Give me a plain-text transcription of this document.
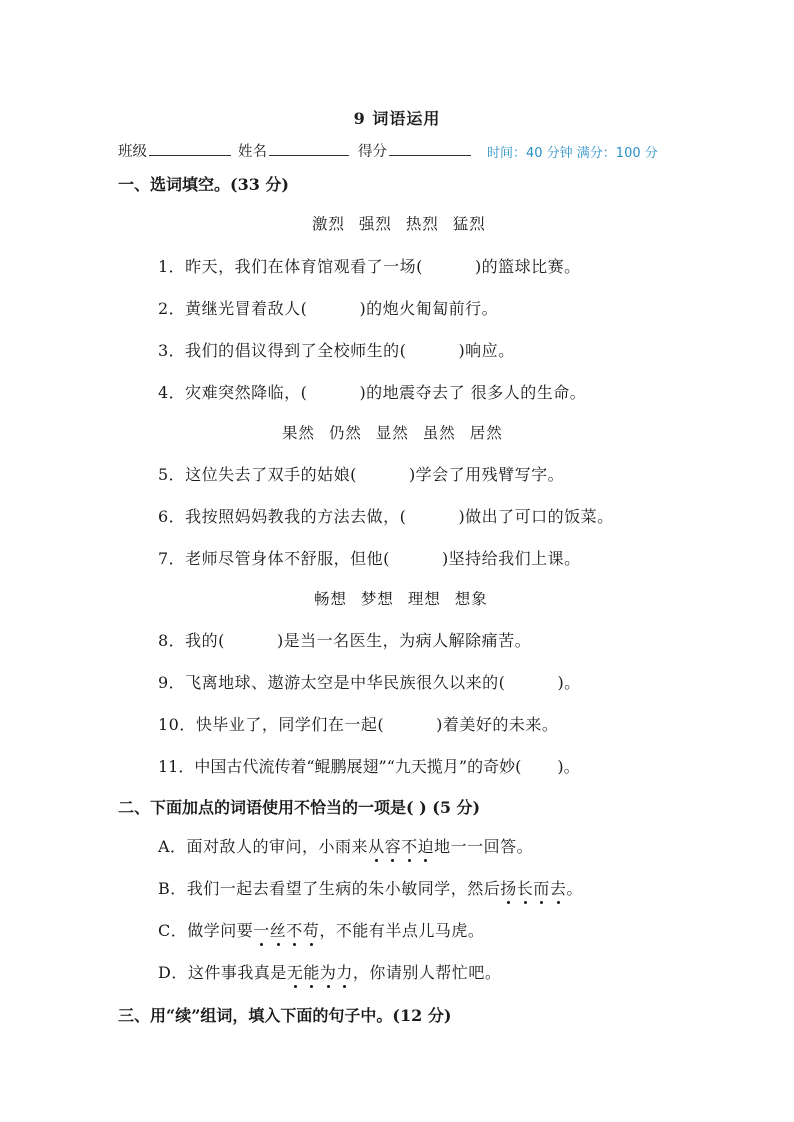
9 词语运用
班级	姓名	得分	时间：40 分钟 满分：100 分
一、选词填空。(33 分)
激烈 强烈 热烈 猛烈
1．昨天，我们在体育馆观看了一场(	)的篮球比赛。
2．黄继光冒着敌人(	)的炮火匍匐前行。
3．我们的倡议得到了全校师生的(	)响应。
4．灾难突然降临，(	)的地震夺去了 很多人的生命。
果然 仍然 显然 虽然 居然
5．这位失去了双手的姑娘(	)学会了用残臂写字。
6．我按照妈妈教我的方法去做，(	)做出了可口的饭菜。
7．老师尽管身体不舒服，但他(	)坚持给我们上课。
畅想 梦想 理想 想象
8．我的(	)是当一名医生，为病人解除痛苦。
9．飞离地球、遨游太空是中华民族很久以来的(	)。
10．快毕业了，同学们在一起(	)着美好的未来。
11．中国古代流传着“鲲鹏展翅”“九天揽月”的奇妙( )。
二、下面加点的词语使用不恰当的一项是( ) (5 分)
A．面对敌人的审问，小雨来从容不迫地一一回答。
B．我们一起去看望了生病的朱小敏同学，然后扬长而去。
C．做学问要一丝不苟，不能有半点儿马虎。
D．这件事我真是无能为力，你请别人帮忙吧。
三、用“续”组词，填入下面的句子中。(12 分)
